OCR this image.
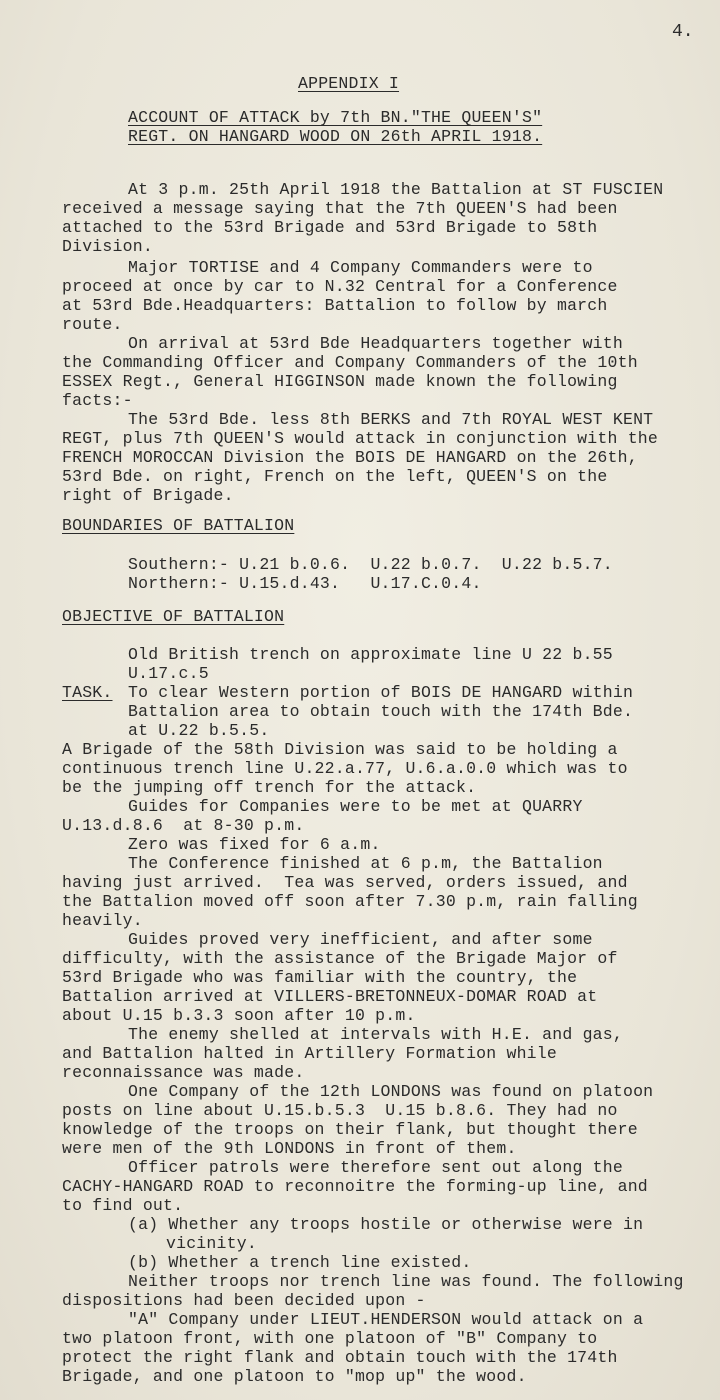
4.
APPENDIX I
ACCOUNT OF ATTACK by 7th BN."THE QUEEN'S"
REGT. ON HANGARD WOOD ON 26th APRIL 1918.
At 3 p.m. 25th April 1918 the Battalion at ST FUSCIEN
received a message saying that the 7th QUEEN'S had been
attached to the 53rd Brigade and 53rd Brigade to 58th
Division.
Major TORTISE and 4 Company Commanders were to
proceed at once by car to N.32 Central for a Conference
at 53rd Bde.Headquarters: Battalion to follow by march
route.
On arrival at 53rd Bde Headquarters together with
the Commanding Officer and Company Commanders of the 10th
ESSEX Regt., General HIGGINSON made known the following
facts:-
The 53rd Bde. less 8th BERKS and 7th ROYAL WEST KENT
REGT, plus 7th QUEEN'S would attack in conjunction with the
FRENCH MOROCCAN Division the BOIS DE HANGARD on the 26th,
53rd Bde. on right, French on the left, QUEEN'S on the
right of Brigade.
BOUNDARIES OF BATTALION
Southern:- U.21 b.0.6.  U.22 b.0.7.  U.22 b.5.7.
Northern:- U.15.d.43.   U.17.C.0.4.
OBJECTIVE OF BATTALION
Old British trench on approximate line U 22 b.55
U.17.c.5
TASK. To clear Western portion of BOIS DE HANGARD within
Battalion area to obtain touch with the 174th Bde.
at U.22 b.5.5.
A Brigade of the 58th Division was said to be holding a
continuous trench line U.22.a.77, U.6.a.0.0 which was to
be the jumping off trench for the attack.
Guides for Companies were to be met at QUARRY
U.13.d.8.6  at 8-30 p.m.
Zero was fixed for 6 a.m.
The Conference finished at 6 p.m, the Battalion
having just arrived.  Tea was served, orders issued, and
the Battalion moved off soon after 7.30 p.m, rain falling
heavily.
Guides proved very inefficient, and after some
difficulty, with the assistance of the Brigade Major of
53rd Brigade who was familiar with the country, the
Battalion arrived at VILLERS-BRETONNEUX-DOMAR ROAD at
about U.15 b.3.3 soon after 10 p.m.
The enemy shelled at intervals with H.E. and gas,
and Battalion halted in Artillery Formation while
reconnaissance was made.
One Company of the 12th LONDONS was found on platoon
posts on line about U.15.b.5.3  U.15 b.8.6. They had no
knowledge of the troops on their flank, but thought there
were men of the 9th LONDONS in front of them.
Officer patrols were therefore sent out along the
CACHY-HANGARD ROAD to reconnoitre the forming-up line, and
to find out.
(a) Whether any troops hostile or otherwise were in
vicinity.
(b) Whether a trench line existed.
Neither troops nor trench line was found. The following
dispositions had been decided upon -
"A" Company under LIEUT.HENDERSON would attack on a
two platoon front, with one platoon of "B" Company to
protect the right flank and obtain touch with the 174th
Brigade, and one platoon to "mop up" the wood.
